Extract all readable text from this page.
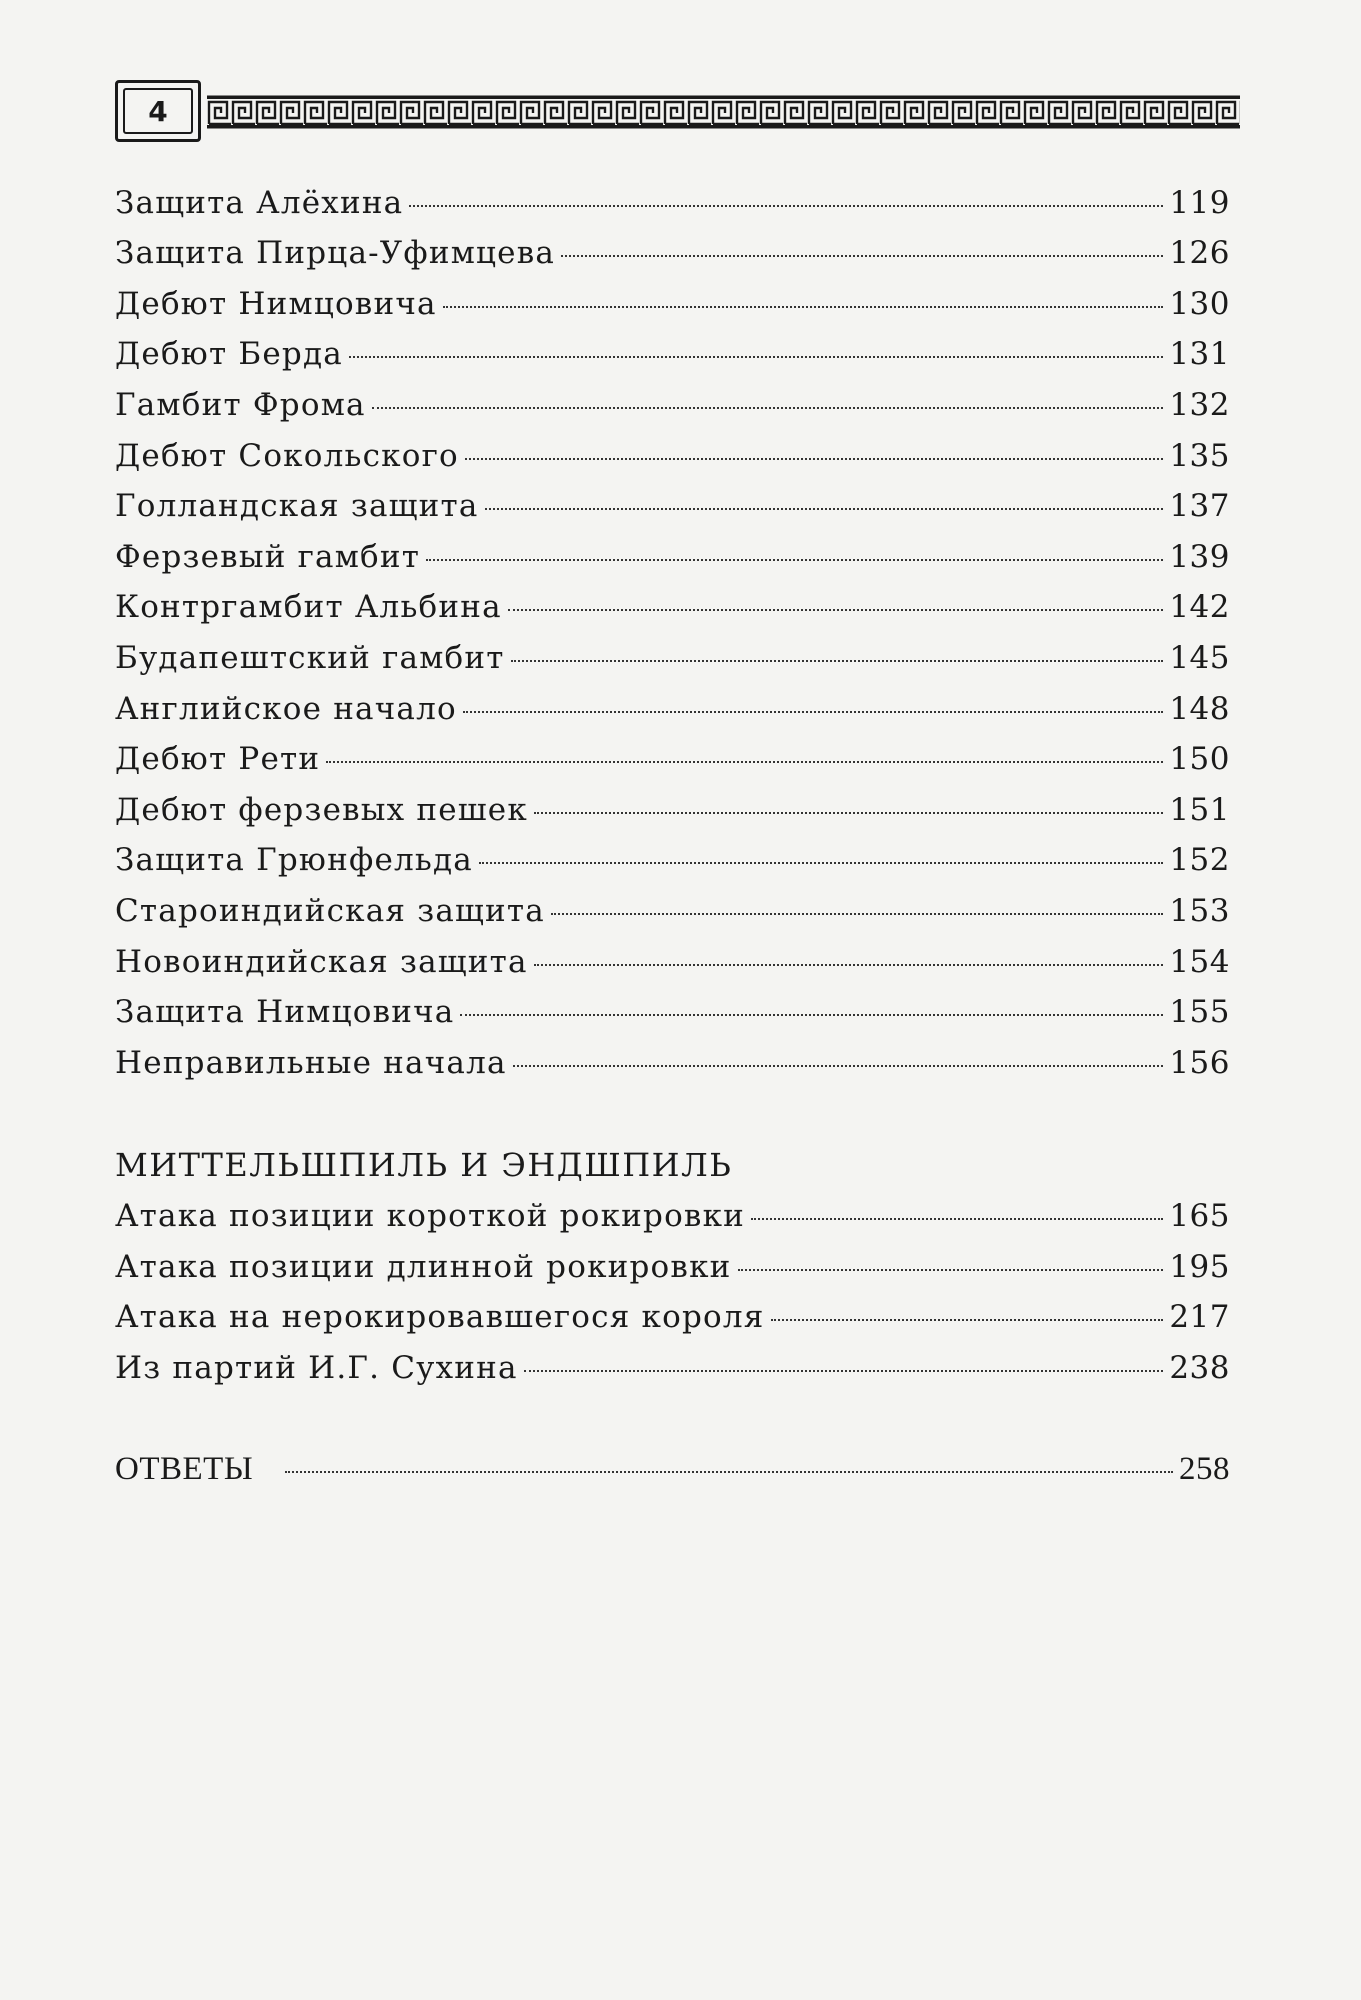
4
Защита Алёхина	119
Защита Пирца-Уфимцева	126
Дебют Нимцовича	130
Дебют Берда	131
Гамбит Фрома	132
Дебют Сокольского	135
Голландская защита	137
Ферзевый гамбит	139
Контргамбит Альбина	142
Будапештский гамбит	145
Английское начало	148
Дебют Рети	150
Дебют ферзевых пешек	151
Защита Грюнфельда	152
Староиндийская защита	153
Новоиндийская защита	154
Защита Нимцовича	155
Неправильные начала	156
Атака позиции короткой рокировки	165
Атака позиции длинной рокировки	195
Атака на нерокировавшегося короля	217
Из партий И.Г. Сухина	238
ОТВЕТЫ	258
МИТТЕЛЬШПИЛЬ И ЭНДШПИЛЬ
